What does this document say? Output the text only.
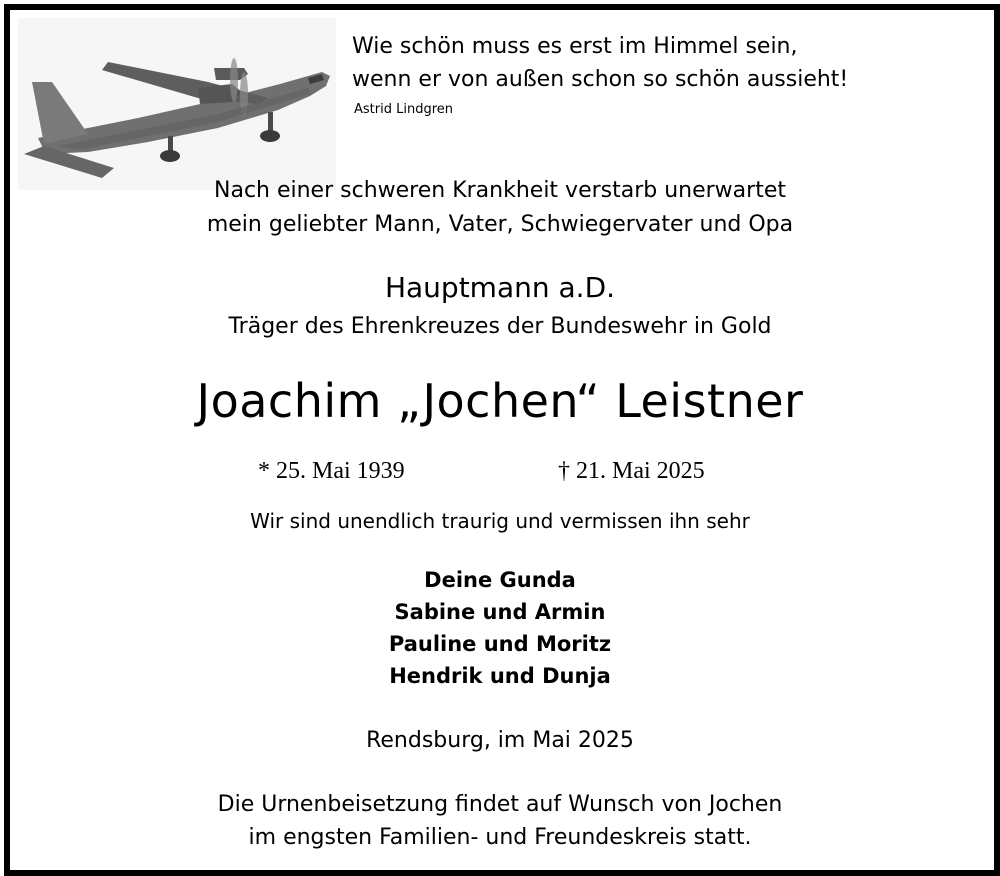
Wie schön muss es erst im Himmel sein,
wenn er von außen schon so schön aussieht!
Astrid Lindgren
Nach einer schweren Krankheit verstarb unerwartet
mein geliebter Mann, Vater, Schwiegervater und Opa
Hauptmann a.D.
Träger des Ehrenkreuzes der Bundeswehr in Gold
Joachim „Jochen“ Leistner
* 25. Mai 1939	† 21. Mai 2025
Wir sind unendlich traurig und vermissen ihn sehr
Deine Gunda
Sabine und Armin
Pauline und Moritz
Hendrik und Dunja
Rendsburg, im Mai 2025
Die Urnenbeisetzung findet auf Wunsch von Jochen
im engsten Familien- und Freundeskreis statt.
